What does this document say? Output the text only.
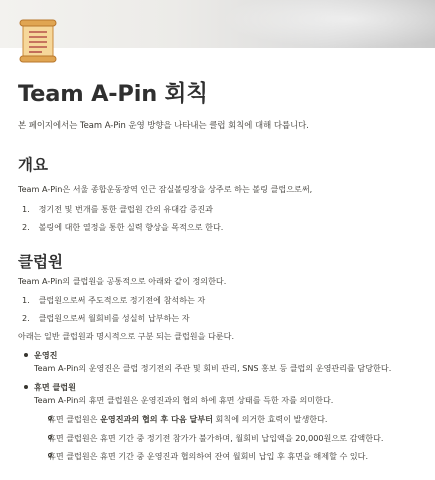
Team A-Pin 회칙
본 페이지에서는 Team A-Pin 운영 방향을 나타내는 클럽 회칙에 대해 다룹니다.
개요
Team A-Pin은 서울 종합운동장역 인근 잠실볼링장을 상주로 하는 볼링 클럽으로써,
1. 정기전 및 번개를 통한 클럽원 간의 유대감 증진과
2. 볼링에 대한 열정을 통한 실력 향상을 목적으로 한다.
클럽원
Team A-Pin의 클럽원을 공통적으로 아래와 같이 정의한다.
1. 클럽원으로써 주도적으로 정기전에 참석하는 자
2. 클럽원으로써 월회비를 성실히 납부하는 자
아래는 일반 클럽원과 명시적으로 구분 되는 클럽원을 다룬다.
운영진
Team A-Pin의 운영진은 클럽 정기전의 주관 및 회비 관리, SNS 홍보 등 클럽의 운영관리를 담당한다.
휴면 클럽원
Team A-Pin의 휴면 클럽원은 운영진과의 협의 하에 휴면 상태를 득한 자를 의미한다.
휴면 클럽원은 운영진과의 협의 후 다음 달부터 회칙에 의거한 효력이 발생한다.
휴면 클럽원은 휴면 기간 중 정기전 참가가 불가하며, 월회비 납입액을 20,000원으로 감액한다.
휴면 클럽원은 휴면 기간 중 운영진과 협의하여 잔여 월회비 납입 후 휴면을 해제할 수 있다.
